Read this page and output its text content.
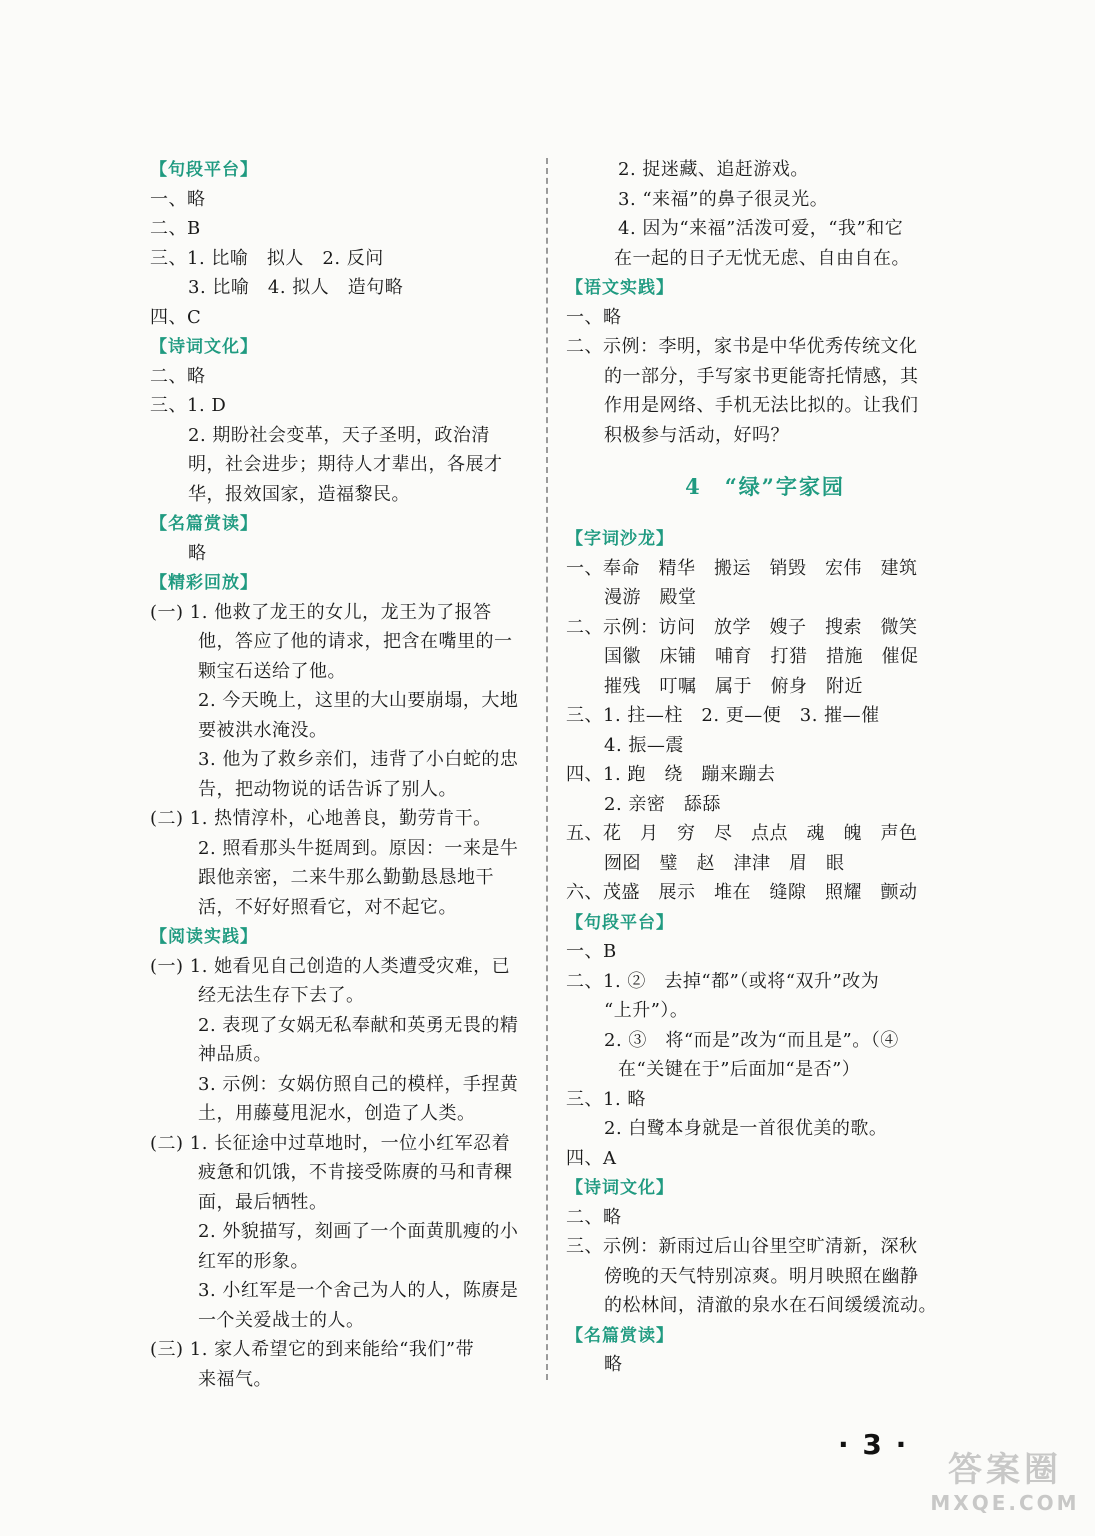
【句段平台】
一、略
二、B
三、1. 比喻　拟人　2. 反问
3. 比喻　4. 拟人　造句略
四、C
【诗词文化】
二、略
三、1. D
2. 期盼社会变革，天子圣明，政治清
明，社会进步；期待人才辈出，各展才
华，报效国家，造福黎民。
【名篇赏读】
略
【精彩回放】
(一) 1. 他救了龙王的女儿，龙王为了报答
他，答应了他的请求，把含在嘴里的一
颗宝石送给了他。
2. 今天晚上，这里的大山要崩塌，大地
要被洪水淹没。
3. 他为了救乡亲们，违背了小白蛇的忠
告，把动物说的话告诉了别人。
(二) 1. 热情淳朴，心地善良，勤劳肯干。
2. 照看那头牛挺周到。原因：一来是牛
跟他亲密，二来牛那么勤勤恳恳地干
活，不好好照看它，对不起它。
【阅读实践】
(一) 1. 她看见自己创造的人类遭受灾难，已
经无法生存下去了。
2. 表现了女娲无私奉献和英勇无畏的精
神品质。
3. 示例：女娲仿照自己的模样，手捏黄
土，用藤蔓甩泥水，创造了人类。
(二) 1. 长征途中过草地时，一位小红军忍着
疲惫和饥饿，不肯接受陈赓的马和青稞
面，最后牺牲。
2. 外貌描写，刻画了一个面黄肌瘦的小
红军的形象。
3. 小红军是一个舍己为人的人，陈赓是
一个关爱战士的人。
(三) 1. 家人希望它的到来能给“我们”带
来福气。
2. 捉迷藏、追赶游戏。
3. “来福”的鼻子很灵光。
4. 因为“来福”活泼可爱，“我”和它
在一起的日子无忧无虑、自由自在。
【语文实践】
一、略
二、示例：李明，家书是中华优秀传统文化
的一部分，手写家书更能寄托情感，其
作用是网络、手机无法比拟的。让我们
积极参与活动，好吗？
4　“绿”字家园
【字词沙龙】
一、奉命　精华　搬运　销毁　宏伟　建筑
漫游　殿堂
二、示例：访问　放学　嫂子　搜索　微笑
国徽　床铺　哺育　打猎　措施　催促
摧残　叮嘱　属于　俯身　附近
三、1. 拄—柱　2. 更—便　3. 摧—催
4. 振—震
四、1. 跑　绕　蹦来蹦去
2. 亲密　舔舔
五、花　月　穷　尽　点点　魂　魄　声色
囫囵　璧　赵　津津　眉　眼
六、茂盛　展示　堆在　缝隙　照耀　颤动
【句段平台】
一、B
二、1. ②　去掉“都”（或将“双升”改为
“上升”）。
2. ③　将“而是”改为“而且是”。（④
在“关键在于”后面加“是否”）
三、1. 略
2. 白鹭本身就是一首很优美的歌。
四、A
【诗词文化】
二、略
三、示例：新雨过后山谷里空旷清新，深秋
傍晚的天气特别凉爽。明月映照在幽静
的松林间，清澈的泉水在石间缓缓流动。
【名篇赏读】
略
· 3 ·
答案圈
MXQE.COM
